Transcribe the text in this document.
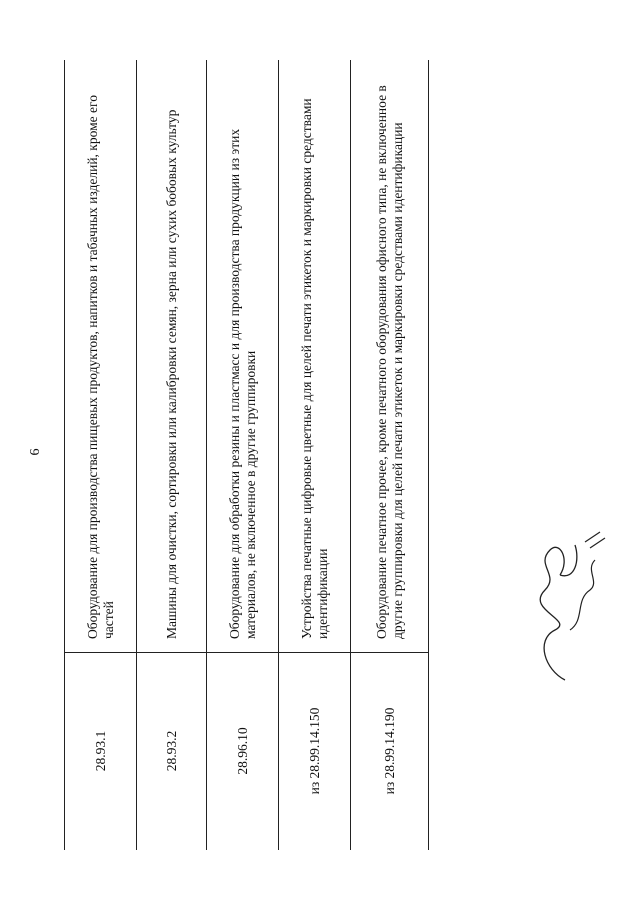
6	Оборудование для производства пищевых продуктов, напитков и табачных изделий, кроме его частей
28.93.1
Машины для очистки, сортировки или калибровки семян, зерна или сухих бобовых культур
28.93.2
Оборудование для обработки резины и пластмасс и для производства продукции из этих материалов, не включенное в другие группировки
28.96.10
Устройства печатные цифровые цветные для целей печати этикеток и маркировки средствами идентификации
из 28.99.14.150
Оборудование печатное прочее, кроме печатного оборудования офисного типа, не включенное в другие группировки для целей печати этикеток и маркировки средствами идентификации
из 28.99.14.190
